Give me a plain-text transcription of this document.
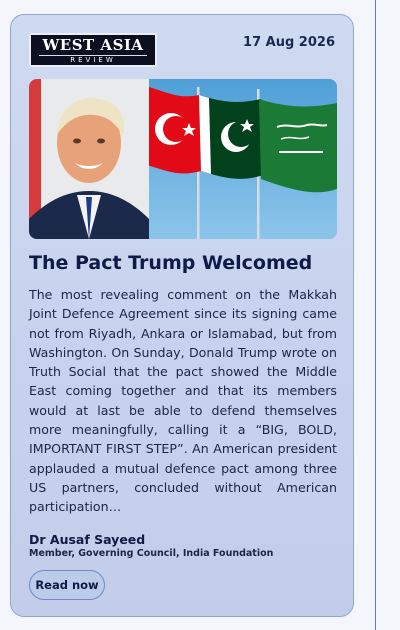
WEST ASIA
REVIEW
17 Aug 2026
The Pact Trump Welcomed

The most revealing comment on the Makkah Joint Defence Agreement since its signing came not from Riyadh, Ankara or Islamabad, but from Washington. On Sunday, Donald Trump wrote on Truth Social that the pact showed the Middle East coming together and that its members would at last be able to defend themselves more meaningfully, calling it a “BIG, BOLD, IMPORTANT FIRST STEP”. An American president applauded a mutual defence pact among three US partners, concluded without American participation…

Dr Ausaf Sayeed
Member, Governing Council, India Foundation
Read now
